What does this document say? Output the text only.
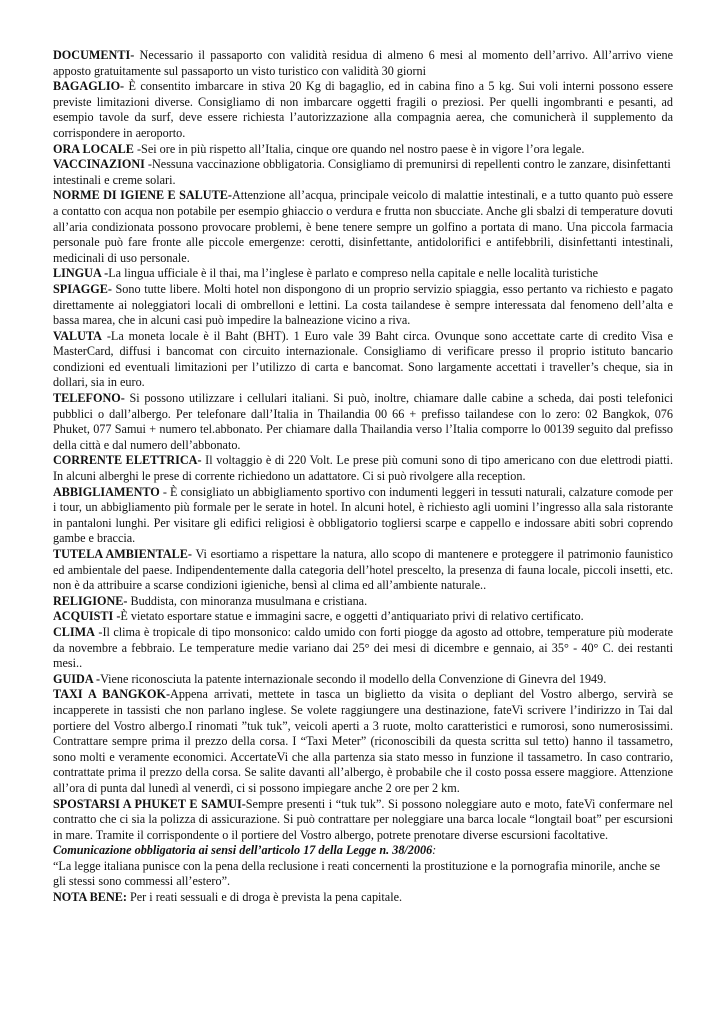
DOCUMENTI- Necessario il passaporto con validità residua di almeno 6 mesi al momento dell’arrivo. All’arrivo viene apposto gratuitamente sul passaporto un visto turistico con validità 30 giorni

BAGAGLIO- È consentito imbarcare in stiva 20 Kg di bagaglio, ed in cabina fino a 5 kg. Sui voli interni possono essere previste limitazioni diverse. Consigliamo di non imbarcare oggetti fragili o preziosi. Per quelli ingombranti e pesanti, ad esempio tavole da surf, deve essere richiesta l’autorizzazione alla compagnia aerea, che comunicherà il supplemento da corrispondere in aeroporto.

ORA LOCALE -Sei ore in più rispetto all’Italia, cinque ore quando nel nostro paese è in vigore l’ora legale.

VACCINAZIONI -Nessuna vaccinazione obbligatoria. Consigliamo di premunirsi di repellenti contro le zanzare, disinfettanti intestinali e creme solari.

NORME DI IGIENE E SALUTE-Attenzione all’acqua, principale veicolo di malattie intestinali, e a tutto quanto può essere a contatto con acqua non potabile per esempio ghiaccio o verdura e frutta non sbucciate. Anche gli sbalzi di temperature dovuti all’aria condizionata possono provocare problemi, è bene tenere sempre un golfino a portata di mano. Una piccola farmacia personale può fare fronte alle piccole emergenze: cerotti, disinfettante, antidolorifici e antifebbrili, disinfettanti intestinali, medicinali di uso personale.

LINGUA -La lingua ufficiale è il thai, ma l’inglese è parlato e compreso nella capitale e nelle località turistiche

SPIAGGE- Sono tutte libere. Molti hotel non dispongono di un proprio servizio spiaggia, esso pertanto va richiesto e pagato direttamente ai noleggiatori locali di ombrelloni e lettini. La costa tailandese è sempre interessata dal fenomeno dell’alta e bassa marea, che in alcuni casi può impedire la balneazione vicino a riva.

VALUTA -La moneta locale è il Baht (BHT). 1 Euro vale 39 Baht circa. Ovunque sono accettate carte di credito Visa e MasterCard, diffusi i bancomat con circuito internazionale. Consigliamo di verificare presso il proprio istituto bancario condizioni ed eventuali limitazioni per l’utilizzo di carta e bancomat. Sono largamente accettati i traveller’s cheque, sia in dollari, sia in euro.

TELEFONO- Si possono utilizzare i cellulari italiani. Si può, inoltre, chiamare dalle cabine a scheda, dai posti telefonici pubblici o dall’albergo. Per telefonare dall’Italia in Thailandia 00 66 + prefisso tailandese con lo zero: 02 Bangkok, 076 Phuket, 077 Samui + numero tel.abbonato. Per chiamare dalla Thailandia verso l’Italia comporre lo 00139 seguito dal prefisso della città e dal numero dell’abbonato.

CORRENTE ELETTRICA- Il voltaggio è di 220 Volt. Le prese più comuni sono di tipo americano con due elettrodi piatti. In alcuni alberghi le prese di corrente richiedono un adattatore. Ci si può rivolgere alla reception.

ABBIGLIAMENTO - È consigliato un abbigliamento sportivo con indumenti leggeri in tessuti naturali, calzature comode per i tour, un abbigliamento più formale per le serate in hotel. In alcuni hotel, è richiesto agli uomini l’ingresso alla sala ristorante in pantaloni lunghi. Per visitare gli edifici religiosi è obbligatorio togliersi scarpe e cappello e indossare abiti sobri coprendo gambe e braccia.

TUTELA AMBIENTALE- Vi esortiamo a rispettare la natura, allo scopo di mantenere e proteggere il patrimonio faunistico ed ambientale del paese. Indipendentemente dalla categoria dell’hotel prescelto, la presenza di fauna locale, piccoli insetti, etc. non è da attribuire a scarse condizioni igieniche, bensì al clima ed all’ambiente naturale..

RELIGIONE- Buddista, con minoranza musulmana e cristiana.

ACQUISTI -È vietato esportare statue e immagini sacre, e oggetti d’antiquariato privi di relativo certificato.

CLIMA -Il clima è tropicale di tipo monsonico: caldo umido con forti piogge da agosto ad ottobre, temperature più moderate da novembre a febbraio. Le temperature medie variano dai 25° dei mesi di dicembre e gennaio, ai 35° - 40° C. dei restanti mesi..

GUIDA -Viene riconosciuta la patente internazionale secondo il modello della Convenzione di Ginevra del 1949.

TAXI A BANGKOK-Appena arrivati, mettete in tasca un biglietto da visita o depliant del Vostro albergo, servirà se incapperete in tassisti che non parlano inglese. Se volete raggiungere una destinazione, fateVi scrivere l’indirizzo in Tai dal portiere del Vostro albergo.I rinomati ”tuk tuk”, veicoli aperti a 3 ruote, molto caratteristici e rumorosi, sono numerosissimi. Contrattare sempre prima il prezzo della corsa. I “Taxi Meter” (riconoscibili da questa scritta sul tetto) hanno il tassametro, sono molti e veramente economici. AccertateVi che alla partenza sia stato messo in funzione il tassametro. In caso contrario, contrattate prima il prezzo della corsa. Se salite davanti all’albergo, è probabile che il costo possa essere maggiore. Attenzione all’ora di punta dal lunedì al venerdì, ci si possono impiegare anche 2 ore per 2 km.

SPOSTARSI A PHUKET E SAMUI-Sempre presenti i “tuk tuk”. Si possono noleggiare auto e moto, fateVi confermare nel contratto che ci sia la polizza di assicurazione. Si può contrattare per noleggiare una barca locale “longtail boat” per escursioni in mare. Tramite il corrispondente o il portiere del Vostro albergo, potrete prenotare diverse escursioni facoltative.

Comunicazione obbligatoria ai sensi dell’articolo 17 della Legge n. 38/2006:

“La legge italiana punisce con la pena della reclusione i reati concernenti la prostituzione e la pornografia minorile, anche se gli stessi sono commessi all’estero”.

NOTA BENE: Per i reati sessuali e di droga è prevista la pena capitale.
